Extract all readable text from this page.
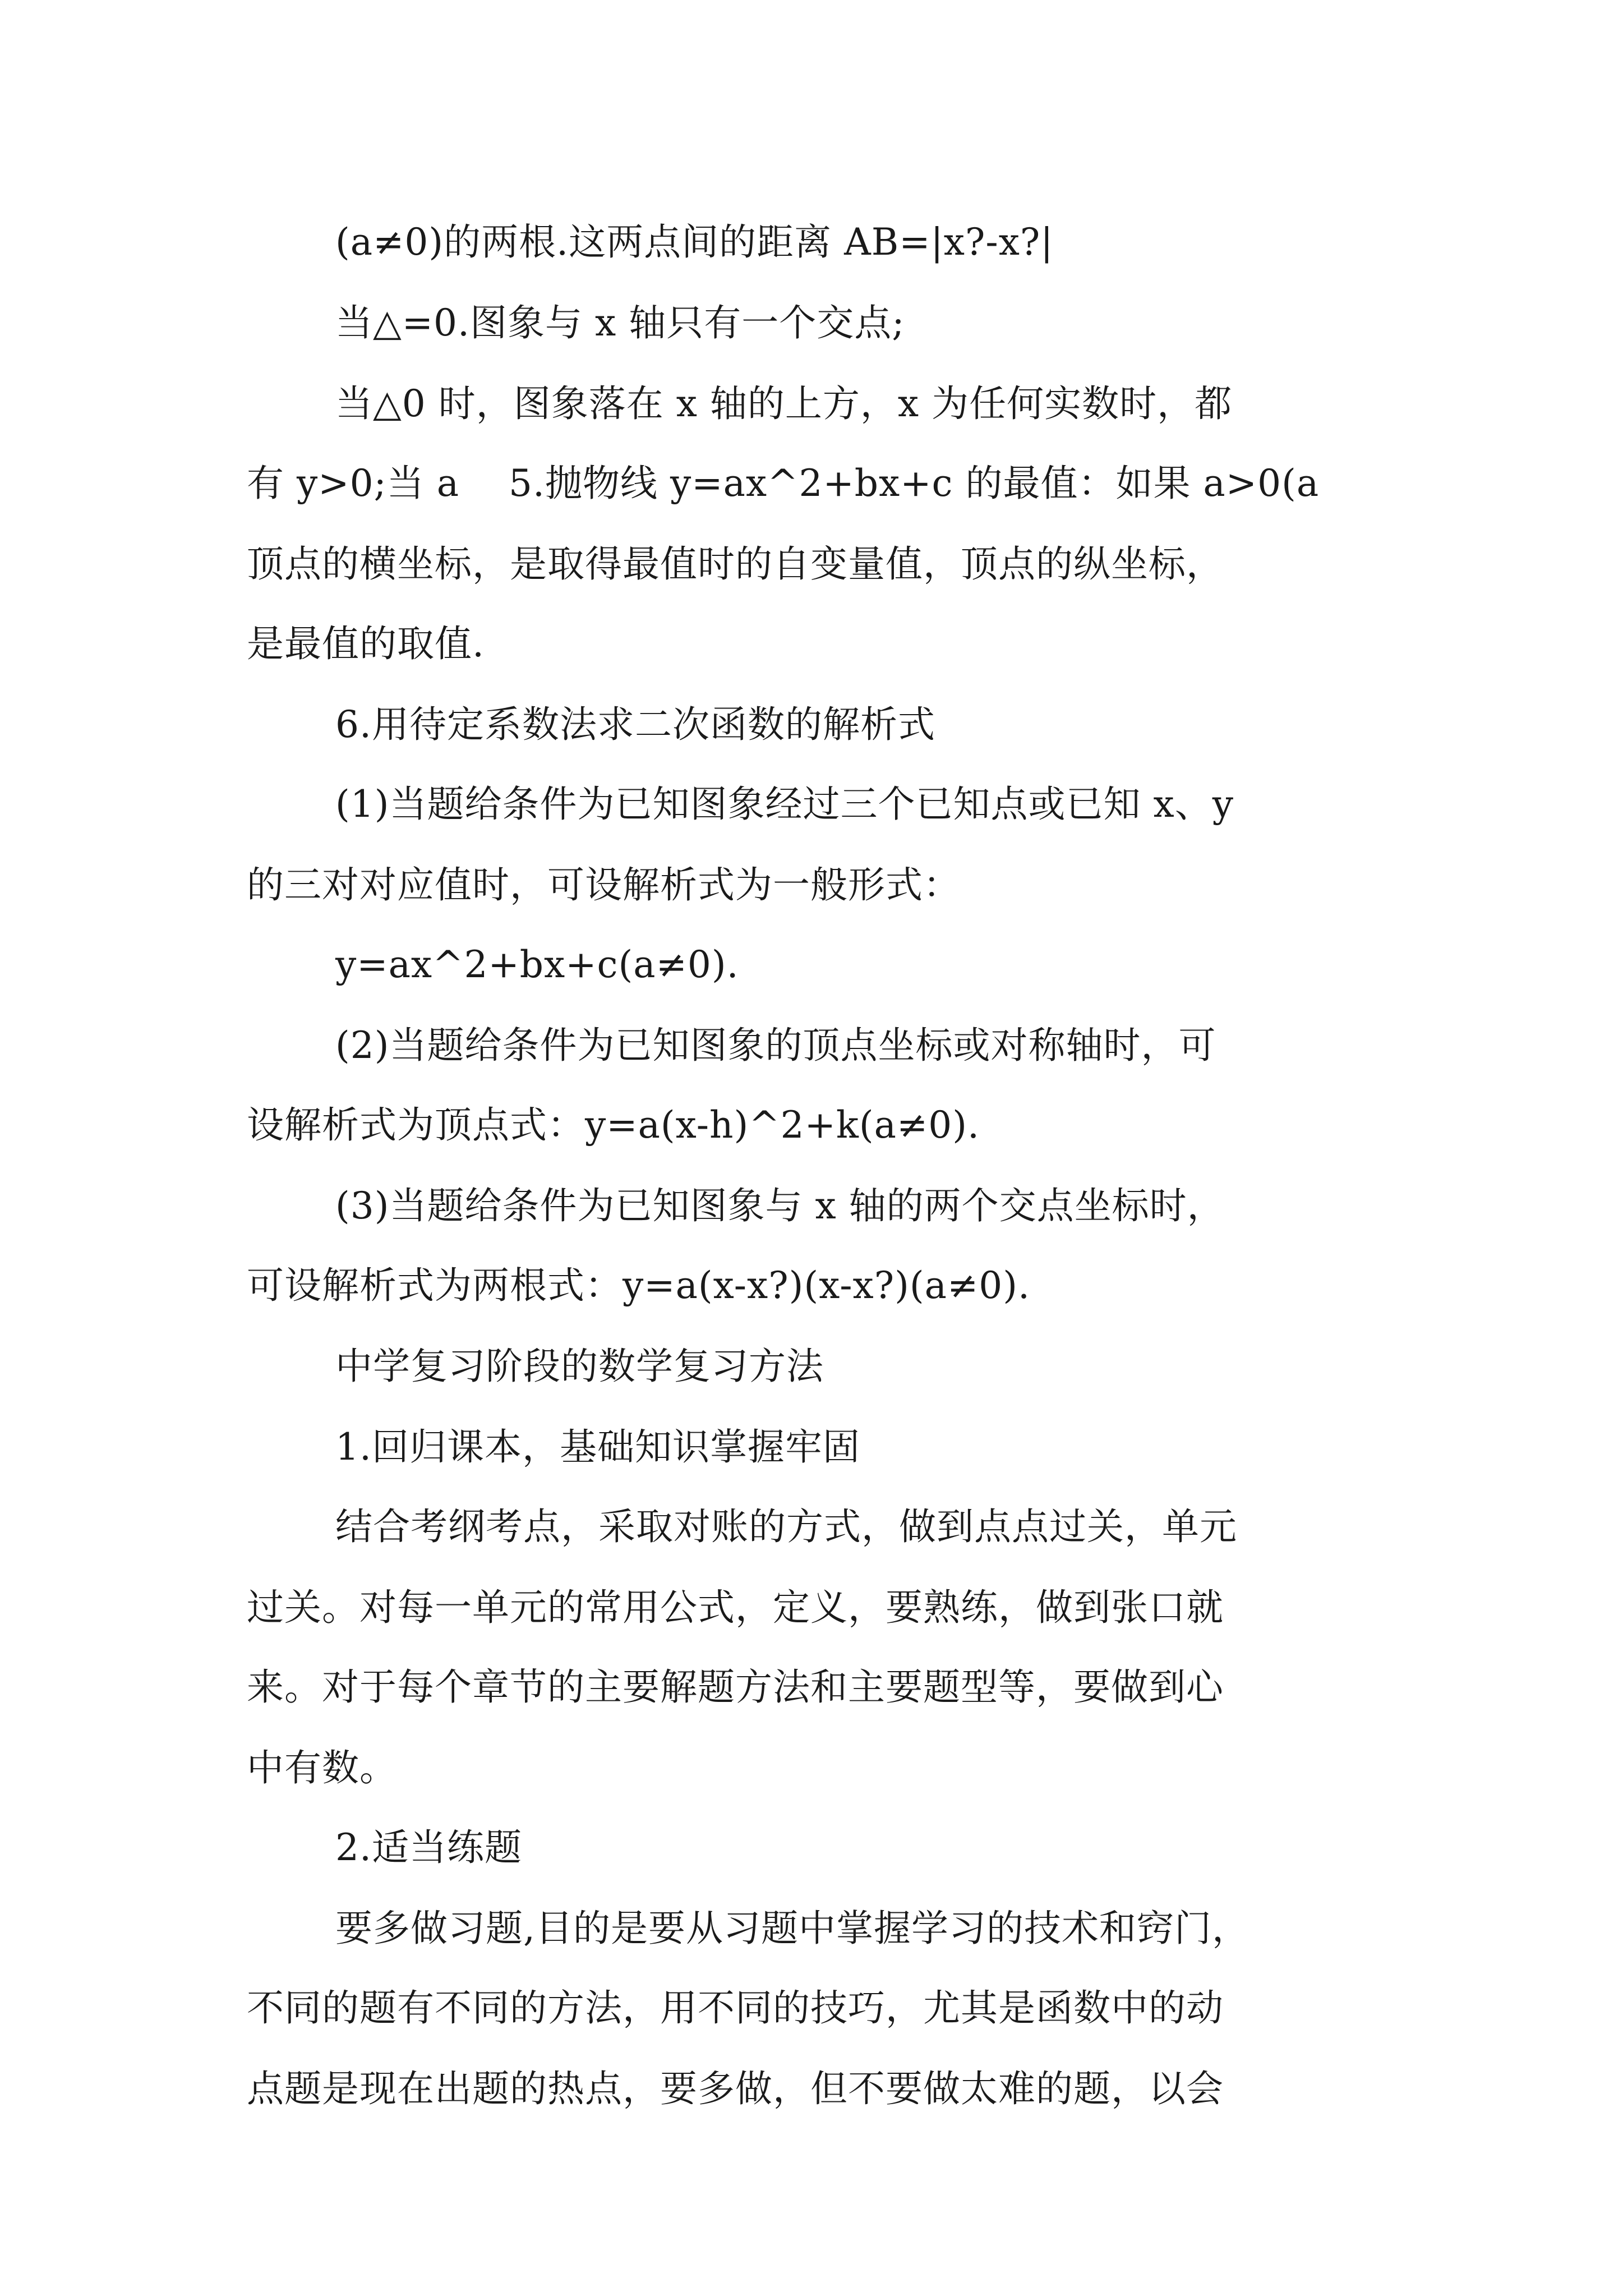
(a≠0)的两根.这两点间的距离 AB=|x?-x?|
当△=0.图象与 x 轴只有一个交点;
当△0 时，图象落在 x 轴的上方，x 为任何实数时，都
有 y>0;当 a    5.抛物线 y=ax^2+bx+c 的最值：如果 a>0(a
顶点的横坐标，是取得最值时的自变量值，顶点的纵坐标，
是最值的取值.
6.用待定系数法求二次函数的解析式
(1)当题给条件为已知图象经过三个已知点或已知 x、y
的三对对应值时，可设解析式为一般形式：
y=ax^2+bx+c(a≠0).
(2)当题给条件为已知图象的顶点坐标或对称轴时，可
设解析式为顶点式：y=a(x-h)^2+k(a≠0).
(3)当题给条件为已知图象与 x 轴的两个交点坐标时，
可设解析式为两根式：y=a(x-x?)(x-x?)(a≠0).
中学复习阶段的数学复习方法
1.回归课本，基础知识掌握牢固
结合考纲考点，采取对账的方式，做到点点过关，单元
过关。对每一单元的常用公式，定义，要熟练，做到张口就
来。对于每个章节的主要解题方法和主要题型等，要做到心
中有数。
2.适当练题
要多做习题,目的是要从习题中掌握学习的技术和窍门，
不同的题有不同的方法，用不同的技巧，尤其是函数中的动
点题是现在出题的热点，要多做，但不要做太难的题，以会
